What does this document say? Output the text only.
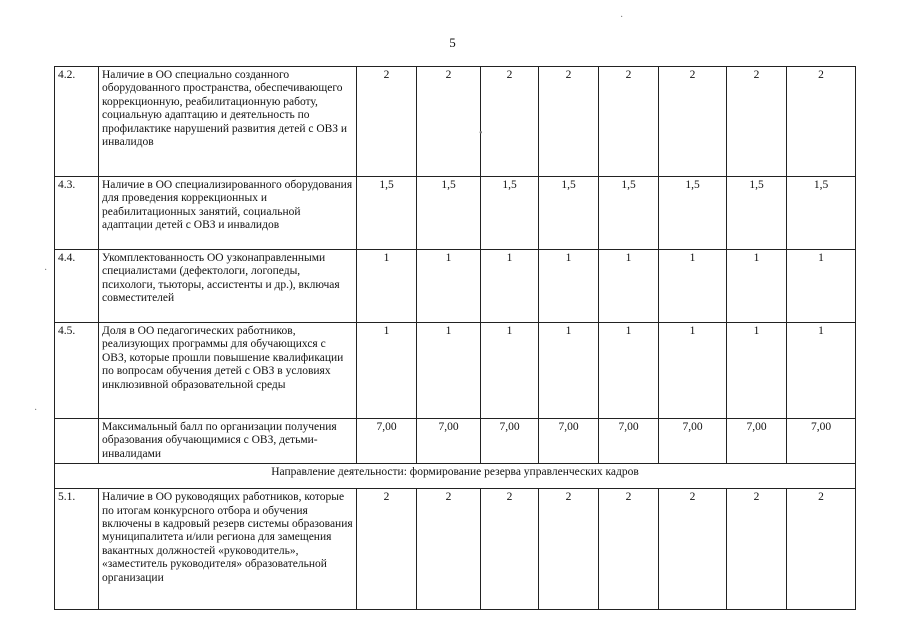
5
4.2.	Наличие в ОО специально созданного оборудованного пространства, обеспечивающего коррекционную, реабилитационную работу, социальную адаптацию и деятельность по профилактике нарушений развития детей с ОВЗ и инвалидов	2	2	2	2	2	2	2	2
4.3.	Наличие в ОО специализированного оборудования для проведения коррекционных и реабилитационных занятий, социальной адаптации детей с ОВЗ и инвалидов	1,5	1,5	1,5	1,5	1,5	1,5	1,5	1,5
4.4.	Укомплектованность ОО узконаправленными специалистами (дефектологи, логопеды, психологи, тьюторы, ассистенты и др.), включая совместителей	1	1	1	1	1	1	1	1
4.5.	Доля в ОО педагогических работников, реализующих программы для обучающихся с ОВЗ, которые прошли повышение квалификации по вопросам обучения детей с ОВЗ в условиях инклюзивной образовательной среды	1	1	1	1	1	1	1	1
	Максимальный балл по организации получения образования обучающимися с ОВЗ, детьми-инвалидами	7,00	7,00	7,00	7,00	7,00	7,00	7,00	7,00
Направление деятельности: формирование резерва управленческих кадров									
5.1.	Наличие в ОО руководящих работников, которые по итогам конкурсного отбора и обучения включены в кадровый резерв системы образования муниципалитета и/или региона для замещения вакантных должностей «руководитель», «заместитель руководителя» образовательной организации	2	2	2	2	2	2	2	2
•
·
·
·
